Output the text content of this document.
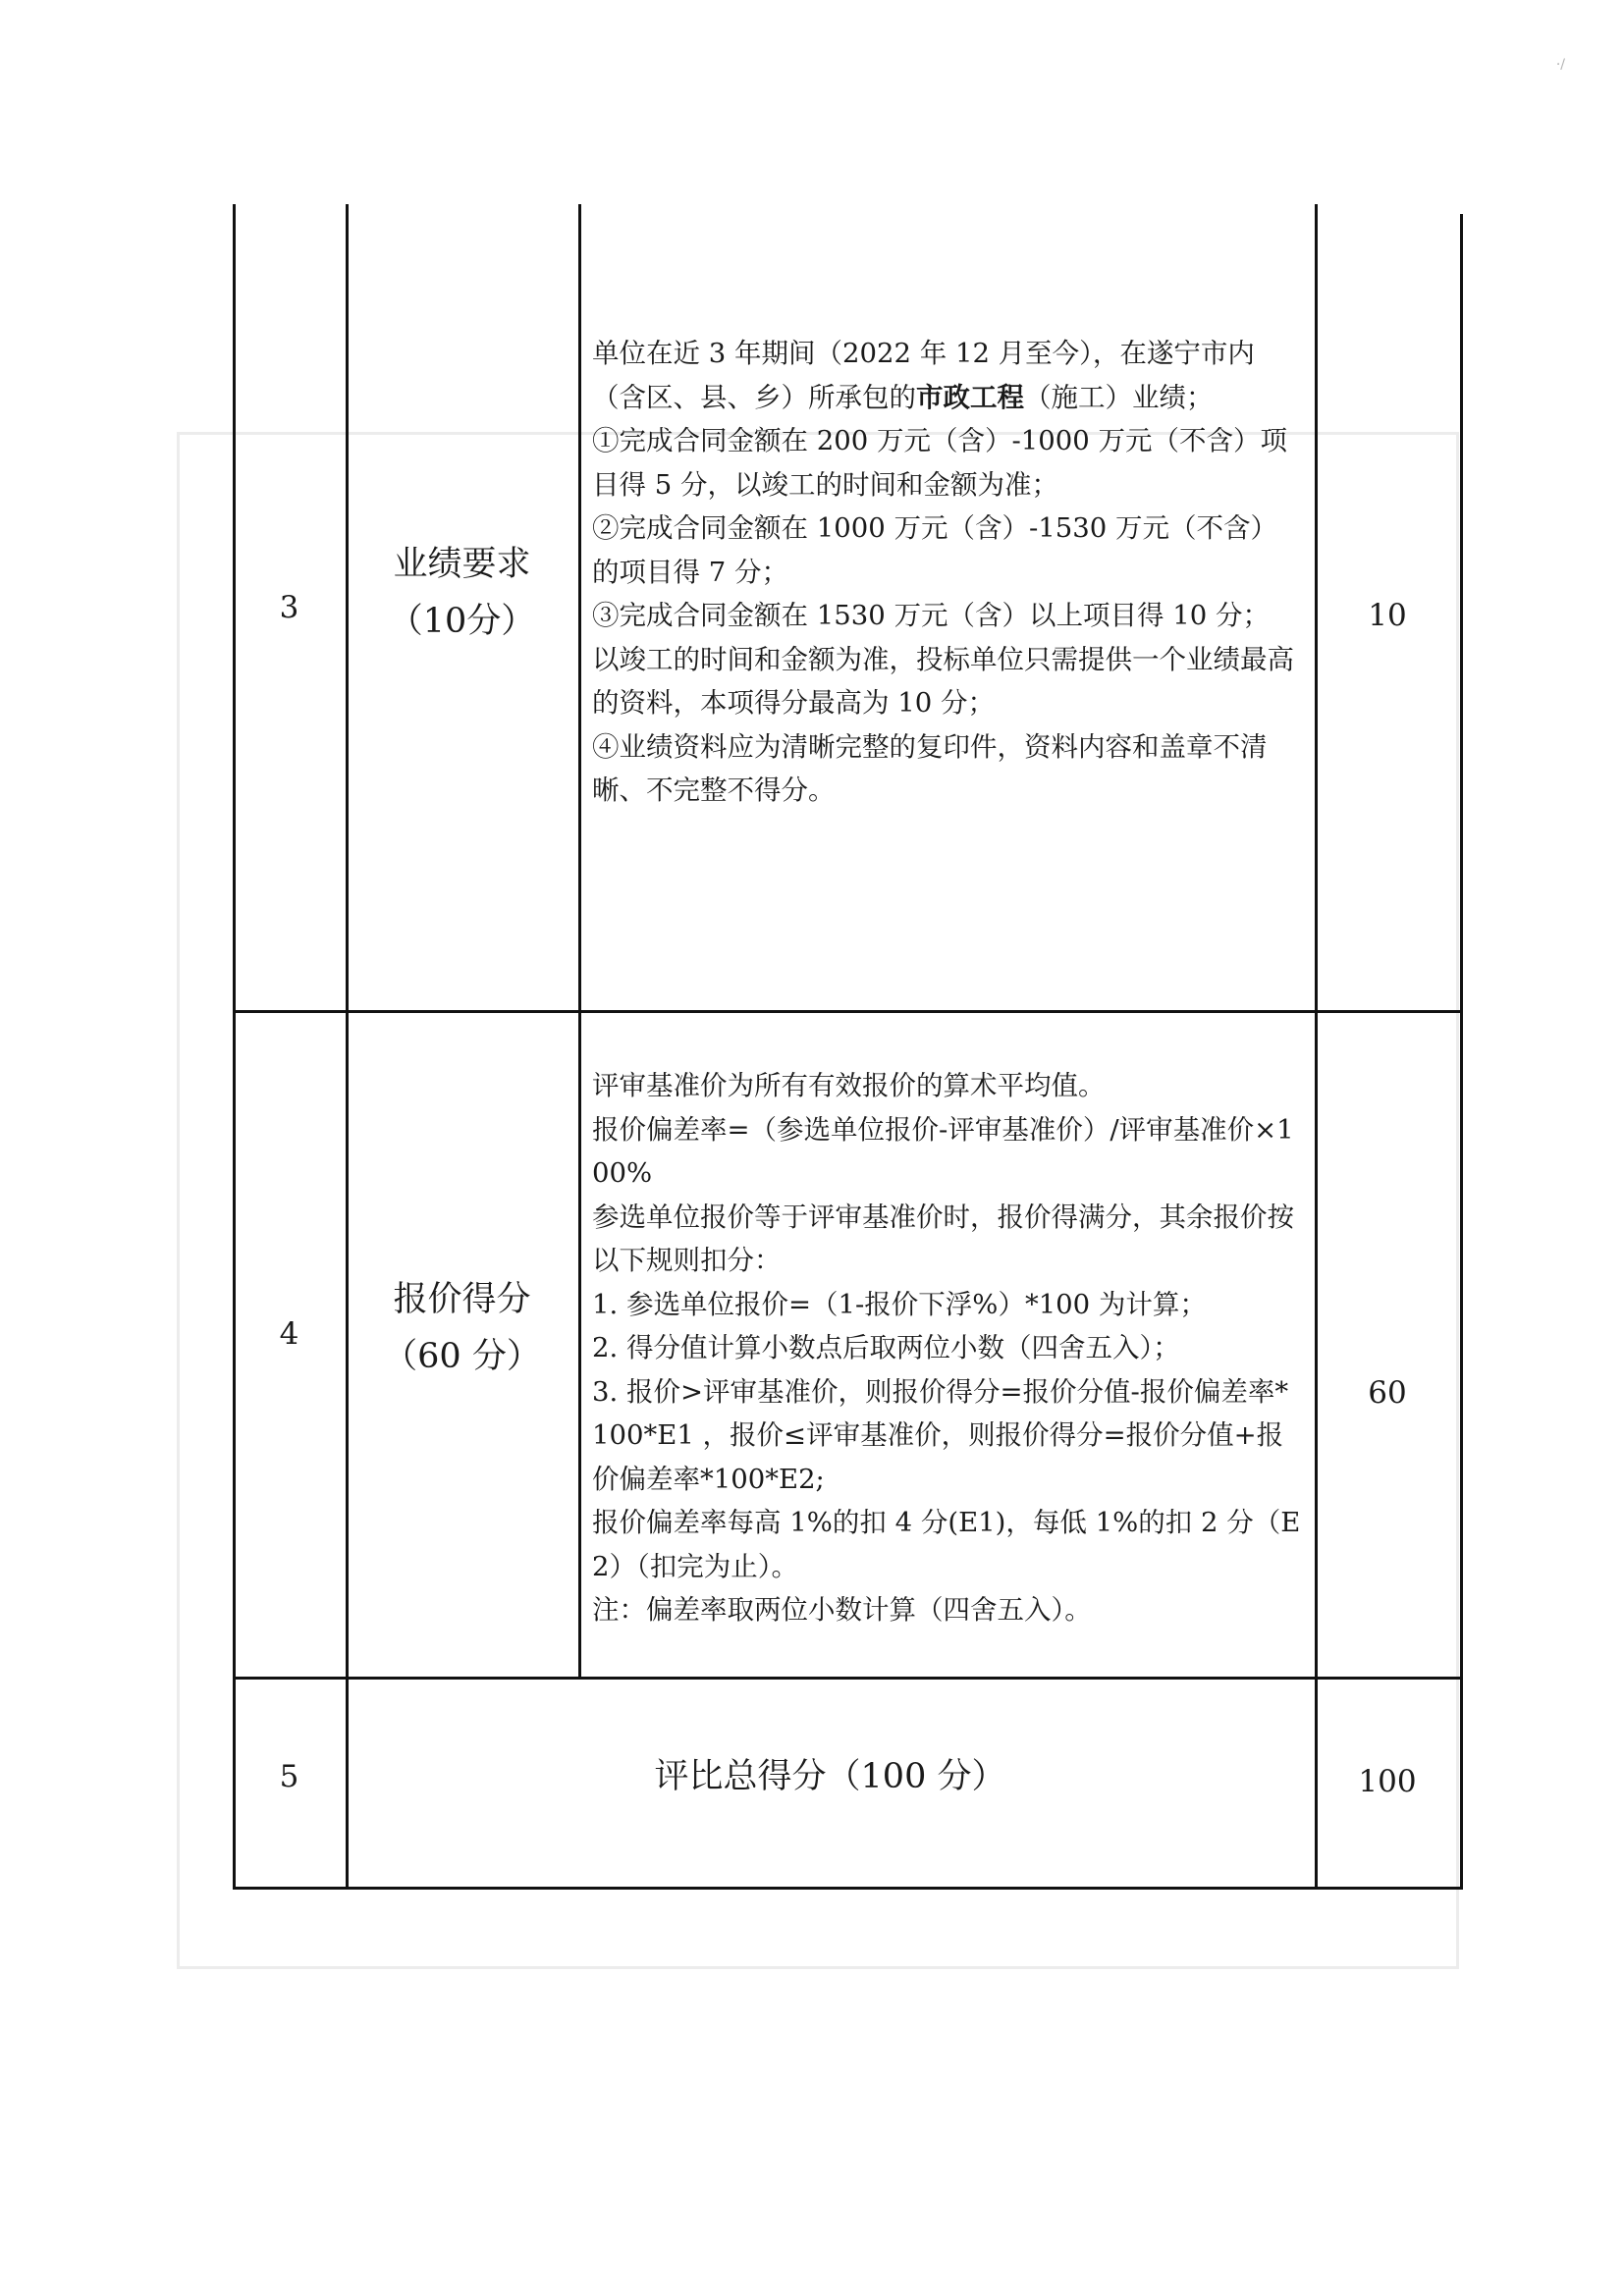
·/
3
业绩要求
（10分）

单位在近 3 年期间（2022 年 12 月至今），在遂宁市内（含区、县、乡）所承包的市政工程（施工）业绩；

①完成合同金额在 200 万元（含）-1000 万元（不含）项目得 5 分，以竣工的时间和金额为准；

②完成合同金额在 1000 万元（含）-1530 万元（不含）的项目得 7 分；

③完成合同金额在 1530 万元（含）以上项目得 10 分；

以竣工的时间和金额为准，投标单位只需提供一个业绩最高的资料，本项得分最高为 10 分；

④业绩资料应为清晰完整的复印件，资料内容和盖章不清晰、不完整不得分。

10
4
报价得分
（60 分）

评审基准价为所有有效报价的算术平均值。

报价偏差率=（参选单位报价-评审基准价）/评审基准价×100%

参选单位报价等于评审基准价时，报价得满分，其余报价按以下规则扣分：

1. 参选单位报价=（1-报价下浮%）*100 为计算；

2. 得分值计算小数点后取两位小数（四舍五入）；

3. 报价>评审基准价，则报价得分=报价分值-报价偏差率*100*E1 ，报价≤评审基准价，则报价得分=报价分值+报价偏差率*100*E2;

报价偏差率每高 1%的扣 4 分(E1)，每低 1%的扣 2 分（E2）（扣完为止）。

注：偏差率取两位小数计算（四舍五入）。

60
5	评比总得分（100 分）	100
